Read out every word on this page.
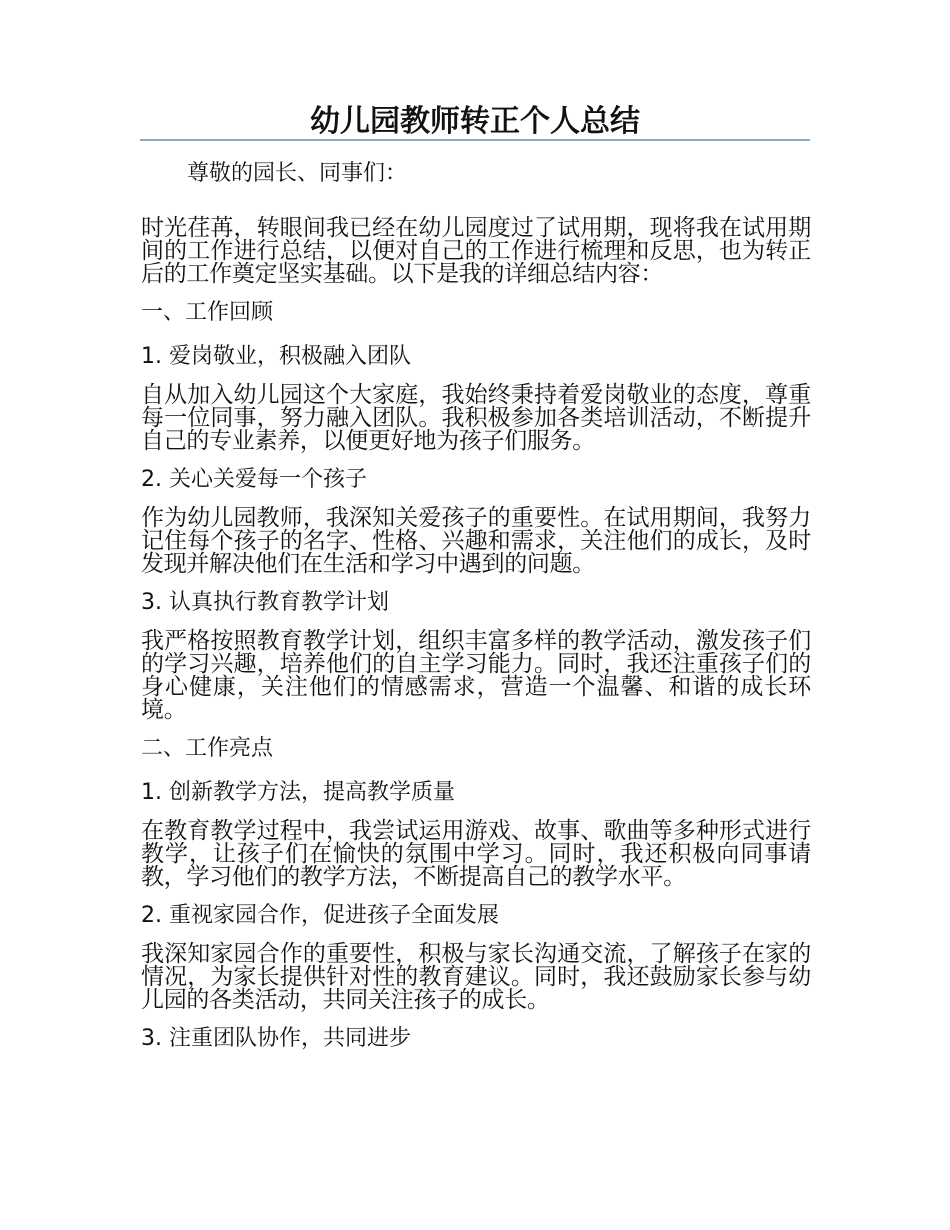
幼儿园教师转正个人总结

尊敬的园长、同事们：

时光荏苒，转眼间我已经在幼儿园度过了试用期，现将我在试用期间的工作进行总结，以便对自己的工作进行梳理和反思，也为转正后的工作奠定坚实基础。以下是我的详细总结内容：

一、工作回顾

1. 爱岗敬业，积极融入团队

自从加入幼儿园这个大家庭，我始终秉持着爱岗敬业的态度，尊重每一位同事，努力融入团队。我积极参加各类培训活动，不断提升自己的专业素养，以便更好地为孩子们服务。

2. 关心关爱每一个孩子

作为幼儿园教师，我深知关爱孩子的重要性。在试用期间，我努力记住每个孩子的名字、性格、兴趣和需求，关注他们的成长，及时发现并解决他们在生活和学习中遇到的问题。

3. 认真执行教育教学计划

我严格按照教育教学计划，组织丰富多样的教学活动，激发孩子们的学习兴趣，培养他们的自主学习能力。同时，我还注重孩子们的身心健康，关注他们的情感需求，营造一个温馨、和谐的成长环境。

二、工作亮点

1. 创新教学方法，提高教学质量

在教育教学过程中，我尝试运用游戏、故事、歌曲等多种形式进行教学，让孩子们在愉快的氛围中学习。同时，我还积极向同事请教，学习他们的教学方法，不断提高自己的教学水平。

2. 重视家园合作，促进孩子全面发展

我深知家园合作的重要性，积极与家长沟通交流，了解孩子在家的情况，为家长提供针对性的教育建议。同时，我还鼓励家长参与幼儿园的各类活动，共同关注孩子的成长。

3. 注重团队协作，共同进步
